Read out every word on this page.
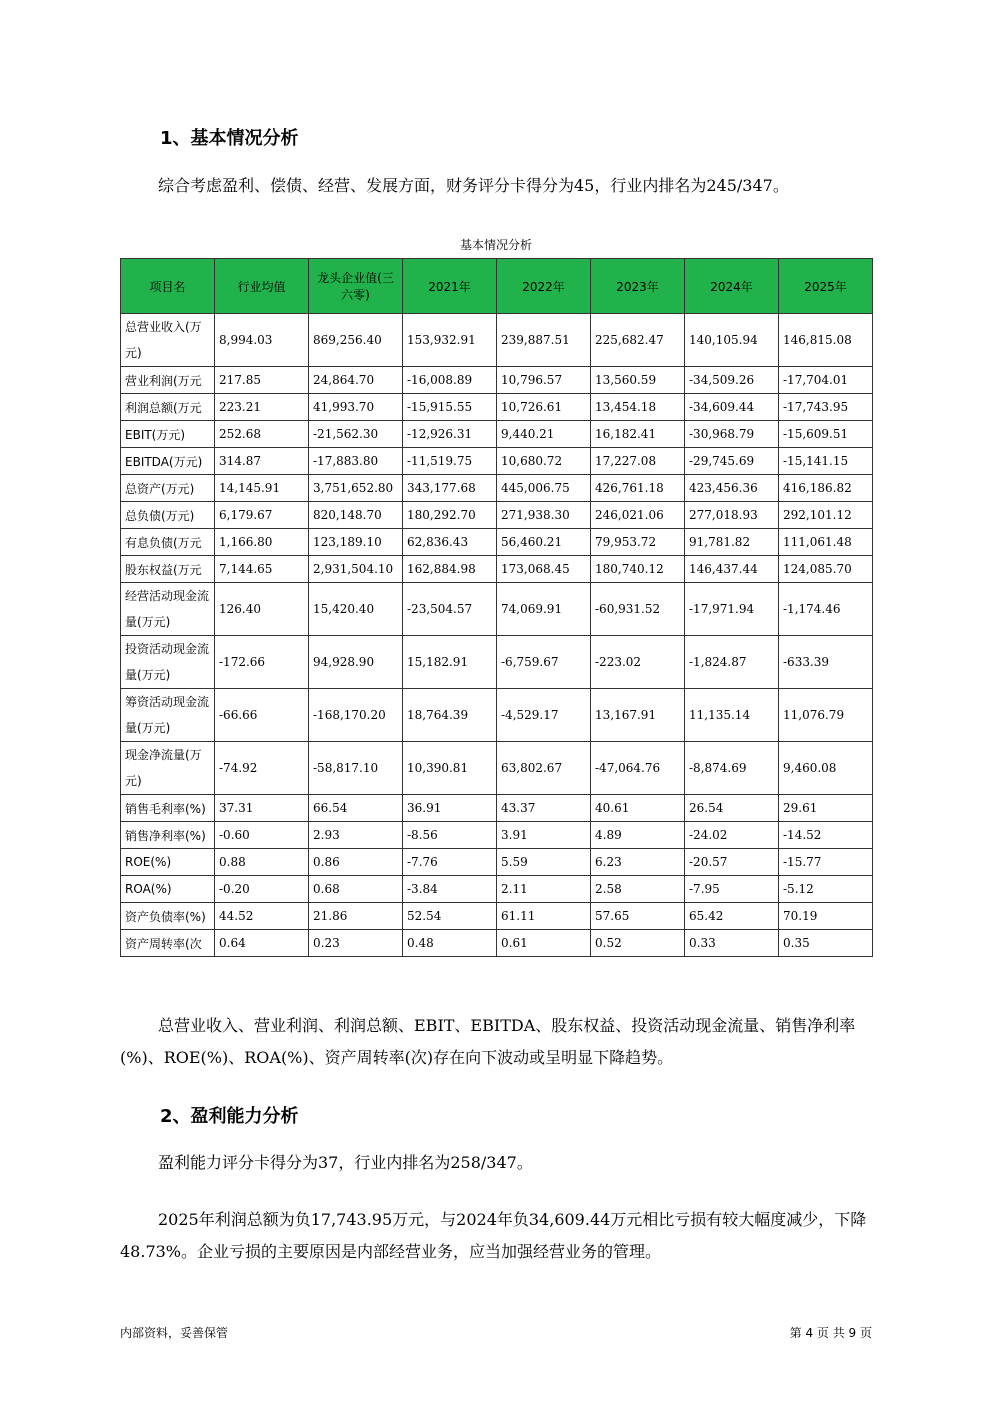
1、基本情况分析
综合考虑盈利、偿债、经营、发展方面，财务评分卡得分为45，行业内排名为245/347。
基本情况分析
项目名	行业均值	龙头企业值(三六零)	2021年	2022年	2023年	2024年	2025年
总营业收入(万元)	8,994.03	869,256.40	153,932.91	239,887.51	225,682.47	140,105.94	146,815.08
营业利润(万元	217.85	24,864.70	-16,008.89	10,796.57	13,560.59	-34,509.26	-17,704.01
利润总额(万元	223.21	41,993.70	-15,915.55	10,726.61	13,454.18	-34,609.44	-17,743.95
EBIT(万元)	252.68	-21,562.30	-12,926.31	9,440.21	16,182.41	-30,968.79	-15,609.51
EBITDA(万元)	314.87	-17,883.80	-11,519.75	10,680.72	17,227.08	-29,745.69	-15,141.15
总资产(万元)	14,145.91	3,751,652.80	343,177.68	445,006.75	426,761.18	423,456.36	416,186.82
总负债(万元)	6,179.67	820,148.70	180,292.70	271,938.30	246,021.06	277,018.93	292,101.12
有息负债(万元	1,166.80	123,189.10	62,836.43	56,460.21	79,953.72	91,781.82	111,061.48
股东权益(万元	7,144.65	2,931,504.10	162,884.98	173,068.45	180,740.12	146,437.44	124,085.70
经营活动现金流量(万元)	126.40	15,420.40	-23,504.57	74,069.91	-60,931.52	-17,971.94	-1,174.46
投资活动现金流量(万元)	-172.66	94,928.90	15,182.91	-6,759.67	-223.02	-1,824.87	-633.39
筹资活动现金流量(万元)	-66.66	-168,170.20	18,764.39	-4,529.17	13,167.91	11,135.14	11,076.79
现金净流量(万元)	-74.92	-58,817.10	10,390.81	63,802.67	-47,064.76	-8,874.69	9,460.08
销售毛利率(%)	37.31	66.54	36.91	43.37	40.61	26.54	29.61
销售净利率(%)	-0.60	2.93	-8.56	3.91	4.89	-24.02	-14.52
ROE(%)	0.88	0.86	-7.76	5.59	6.23	-20.57	-15.77
ROA(%)	-0.20	0.68	-3.84	2.11	2.58	-7.95	-5.12
资产负债率(%)	44.52	21.86	52.54	61.11	57.65	65.42	70.19
资产周转率(次	0.64	0.23	0.48	0.61	0.52	0.33	0.35
总营业收入、营业利润、利润总额、EBIT、EBITDA、股东权益、投资活动现金流量、销售净利率(%)、ROE(%)、ROA(%)、资产周转率(次)存在向下波动或呈明显下降趋势。
2、盈利能力分析
盈利能力评分卡得分为37，行业内排名为258/347。
2025年利润总额为负17,743.95万元，与2024年负34,609.44万元相比亏损有较大幅度减少，下降48.73%。企业亏损的主要原因是内部经营业务，应当加强经营业务的管理。
内部资料，妥善保管	第 4 页 共 9 页
